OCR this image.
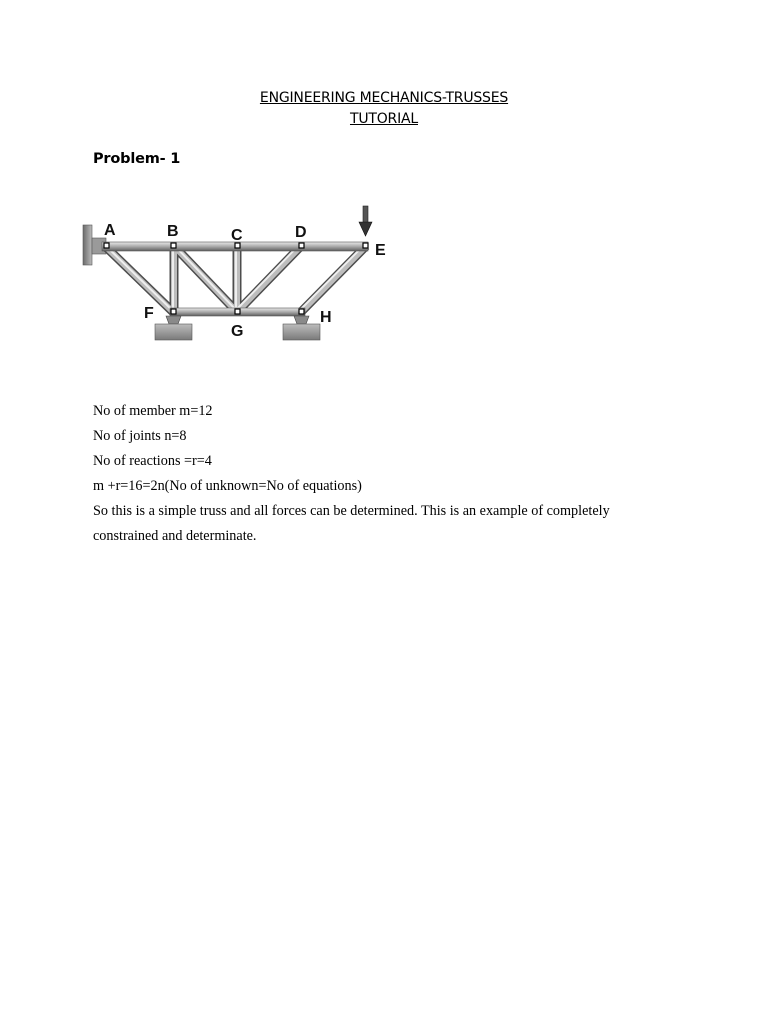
ENGINEERING MECHANICS-TRUSSES
TUTORIAL
Problem- 1
A	B	C	D
E
F
G
H

No of member m=12

No of joints n=8

No of reactions =r=4

m +r=16=2n(No of unknown=No of equations)

So this is a simple truss and all forces can be determined. This is an example of completely

constrained and determinate.
